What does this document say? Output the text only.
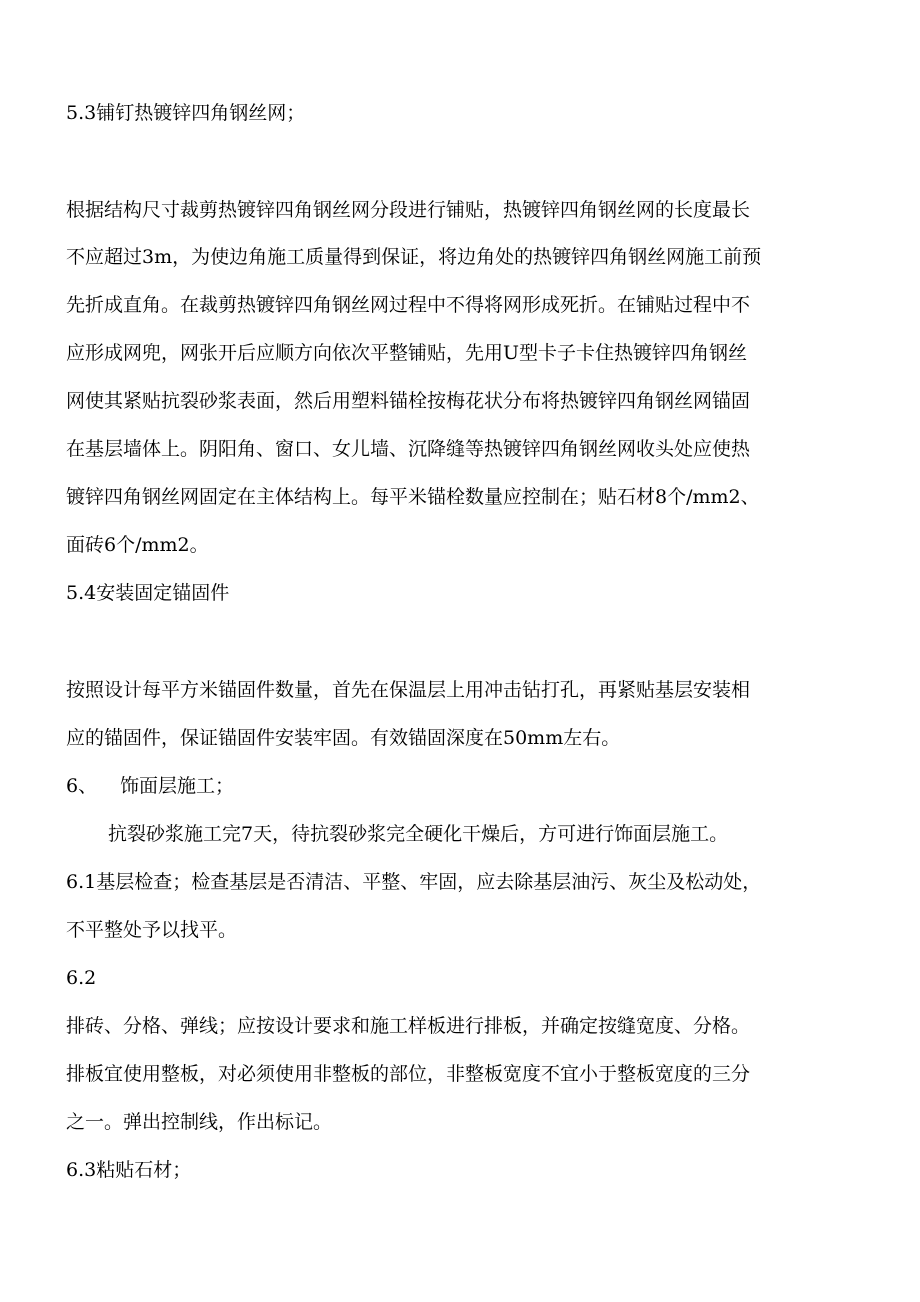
5.3铺钉热镀锌四角钢丝网；

根据结构尺寸裁剪热镀锌四角钢丝网分段进行铺贴，热镀锌四角钢丝网的长度最长

不应超过3m，为使边角施工质量得到保证，将边角处的热镀锌四角钢丝网施工前预

先折成直角。在裁剪热镀锌四角钢丝网过程中不得将网形成死折。在铺贴过程中不

应形成网兜，网张开后应顺方向依次平整铺贴，先用U型卡子卡住热镀锌四角钢丝

网使其紧贴抗裂砂浆表面，然后用塑料锚栓按梅花状分布将热镀锌四角钢丝网锚固

在基层墙体上。阴阳角、窗口、女儿墙、沉降缝等热镀锌四角钢丝网收头处应使热

镀锌四角钢丝网固定在主体结构上。每平米锚栓数量应控制在；贴石材8个/mm2、

面砖6个/mm2。

5.4安装固定锚固件

按照设计每平方米锚固件数量，首先在保温层上用冲击钻打孔，再紧贴基层安装相

应的锚固件，保证锚固件安装牢固。有效锚固深度在50mm左右。

6、 饰面层施工；

抗裂砂浆施工完7天，待抗裂砂浆完全硬化干燥后，方可进行饰面层施工。

6.1基层检查；检查基层是否清洁、平整、牢固，应去除基层油污、灰尘及松动处，

不平整处予以找平。

6.2

排砖、分格、弹线；应按设计要求和施工样板进行排板，并确定按缝宽度、分格。

排板宜使用整板，对必须使用非整板的部位，非整板宽度不宜小于整板宽度的三分

之一。弹出控制线，作出标记。

6.3粘贴石材；
